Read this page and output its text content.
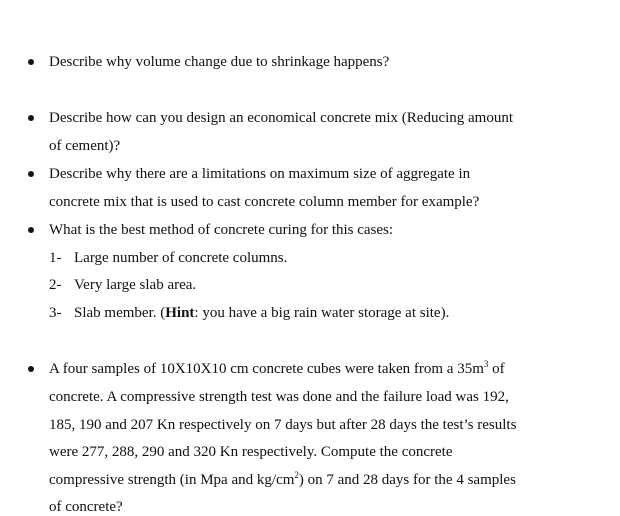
Describe why volume change due to shrinkage happens?
Describe how can you design an economical concrete mix (Reducing amount
of cement)?
Describe why there are a limitations on maximum size of aggregate in
concrete mix that is used to cast concrete column member for example?
What is the best method of concrete curing for this cases:
1- Large number of concrete columns.
2- Very large slab area.
3- Slab member. (Hint: you have a big rain water storage at site).
A four samples of 10X10X10 cm concrete cubes were taken from a $35m^3$ of
concrete. A compressive strength test was done and the failure load was 192,
185, 190 and 207 Kn respectively on 7 days but after 28 days the test’s results
were 277, 288, 290 and 320 Kn respectively. Compute the concrete
compressive strength (in Mpa and $kg/cm^2$) on 7 and 28 days for the 4 samples
of concrete?
